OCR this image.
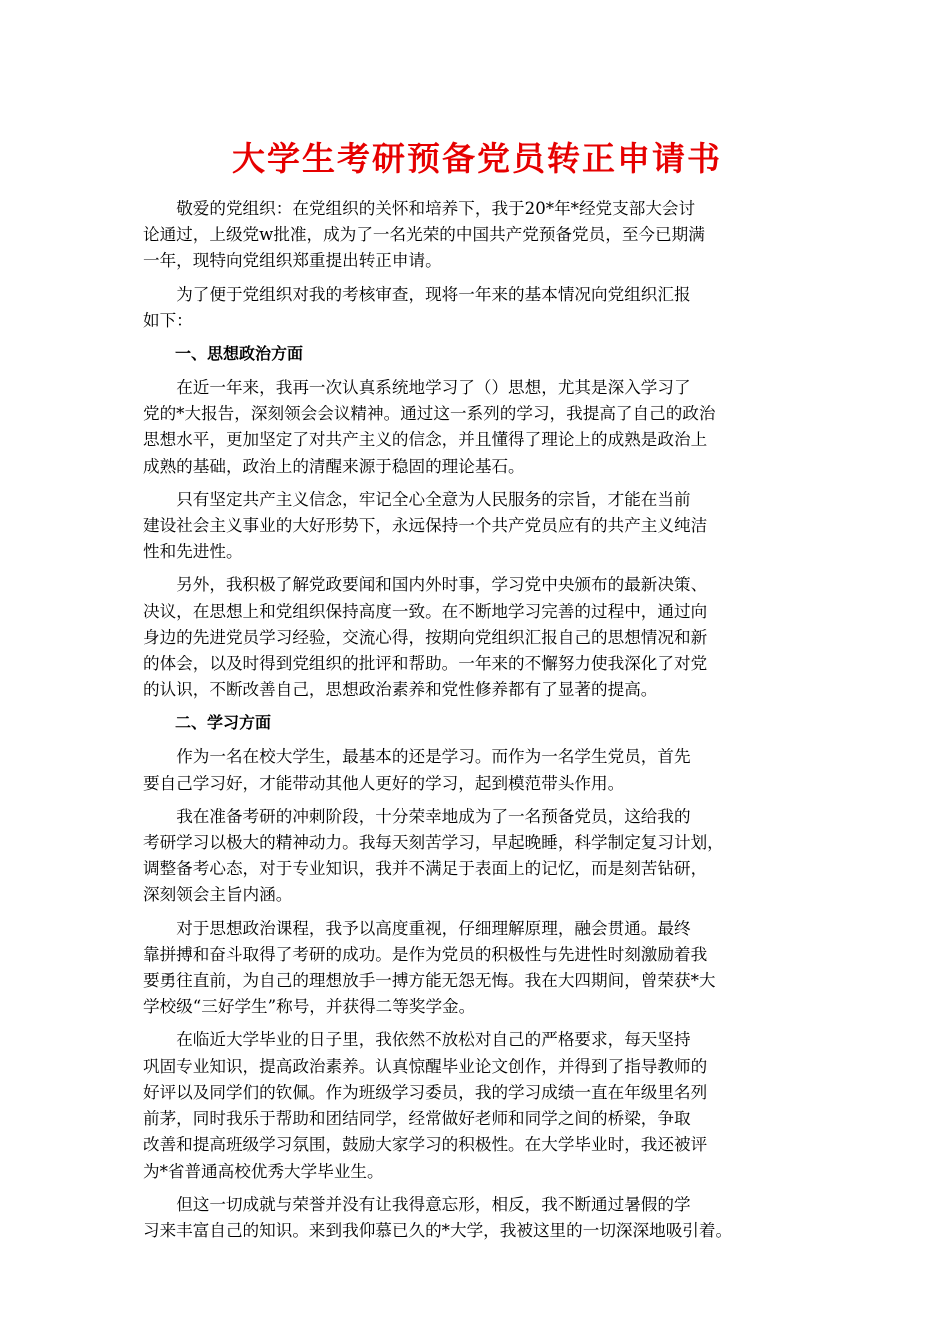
大学生考研预备党员转正申请书

敬爱的党组织：在党组织的关怀和培养下，我于20*年*经党支部大会讨
论通过，上级党w批准，成为了一名光荣的中国共产党预备党员，至今已期满
一年，现特向党组织郑重提出转正申请。

为了便于党组织对我的考核审查，现将一年来的基本情况向党组织汇报
如下：

一、思想政治方面

在近一年来，我再一次认真系统地学习了（）思想，尤其是深入学习了
党的*大报告，深刻领会会议精神。通过这一系列的学习，我提高了自己的政治
思想水平，更加坚定了对共产主义的信念，并且懂得了理论上的成熟是政治上
成熟的基础，政治上的清醒来源于稳固的理论基石。

只有坚定共产主义信念，牢记全心全意为人民服务的宗旨，才能在当前
建设社会主义事业的大好形势下，永远保持一个共产党员应有的共产主义纯洁
性和先进性。

另外，我积极了解党政要闻和国内外时事，学习党中央颁布的最新决策、
决议，在思想上和党组织保持高度一致。在不断地学习完善的过程中，通过向
身边的先进党员学习经验，交流心得，按期向党组织汇报自己的思想情况和新
的体会，以及时得到党组织的批评和帮助。一年来的不懈努力使我深化了对党
的认识，不断改善自己，思想政治素养和党性修养都有了显著的提高。

二、学习方面

作为一名在校大学生，最基本的还是学习。而作为一名学生党员，首先
要自己学习好，才能带动其他人更好的学习，起到模范带头作用。

我在准备考研的冲刺阶段，十分荣幸地成为了一名预备党员，这给我的
考研学习以极大的精神动力。我每天刻苦学习，早起晚睡，科学制定复习计划，
调整备考心态，对于专业知识，我并不满足于表面上的记忆，而是刻苦钻研，
深刻领会主旨内涵。

对于思想政治课程，我予以高度重视，仔细理解原理，融会贯通。最终
靠拼搏和奋斗取得了考研的成功。是作为党员的积极性与先进性时刻激励着我
要勇往直前，为自己的理想放手一搏方能无怨无悔。我在大四期间，曾荣获*大
学校级“三好学生”称号，并获得二等奖学金。

在临近大学毕业的日子里，我依然不放松对自己的严格要求，每天坚持
巩固专业知识，提高政治素养。认真惊醒毕业论文创作，并得到了指导教师的
好评以及同学们的钦佩。作为班级学习委员，我的学习成绩一直在年级里名列
前茅，同时我乐于帮助和团结同学，经常做好老师和同学之间的桥梁，争取
改善和提高班级学习氛围，鼓励大家学习的积极性。在大学毕业时，我还被评
为*省普通高校优秀大学毕业生。

但这一切成就与荣誉并没有让我得意忘形，相反，我不断通过暑假的学
习来丰富自己的知识。来到我仰慕已久的*大学，我被这里的一切深深地吸引着。
